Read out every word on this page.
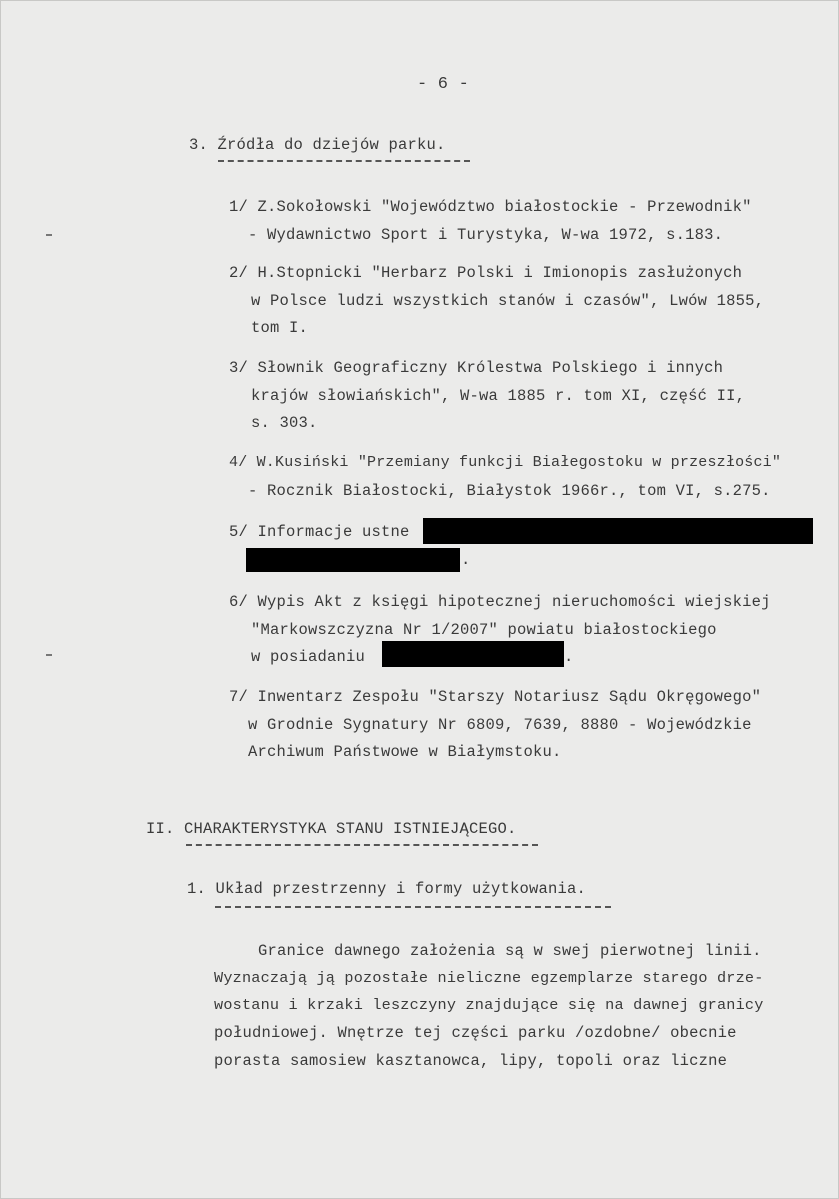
- 6 -
3. Źródła do dziejów parku.
1/ Z.Sokołowski "Województwo białostockie - Przewodnik"
- Wydawnictwo Sport i Turystyka, W-wa 1972, s.183.
2/ H.Stopnicki "Herbarz Polski i Imionopis zasłużonych
w Polsce ludzi wszystkich stanów i czasów", Lwów 1855,
tom I.
3/ Słownik Geograficzny Królestwa Polskiego i innych
krajów słowiańskich", W-wa 1885 r. tom XI, część II,
s. 303.
4/ W.Kusiński "Przemiany funkcji Białegostoku w przeszłości"
- Rocznik Białostocki, Białystok 1966r., tom VI, s.275.
5/ Informacje ustne
.
6/ Wypis Akt z księgi hipotecznej nieruchomości wiejskiej
"Markowszczyzna Nr 1/2007" powiatu białostockiego
w posiadaniu	.
7/ Inwentarz Zespołu "Starszy Notariusz Sądu Okręgowego"
w Grodnie Sygnatury Nr 6809, 7639, 8880 - Wojewódzkie
Archiwum Państwowe w Białymstoku.
II. CHARAKTERYSTYKA STANU ISTNIEJĄCEGO.
1. Układ przestrzenny i formy użytkowania.
Granice dawnego założenia są w swej pierwotnej linii.
Wyznaczają ją pozostałe nieliczne egzemplarze starego drze-
wostanu i krzaki leszczyny znajdujące się na dawnej granicy
południowej. Wnętrze tej części parku /ozdobne/ obecnie
porasta samosiew kasztanowca, lipy, topoli oraz liczne
